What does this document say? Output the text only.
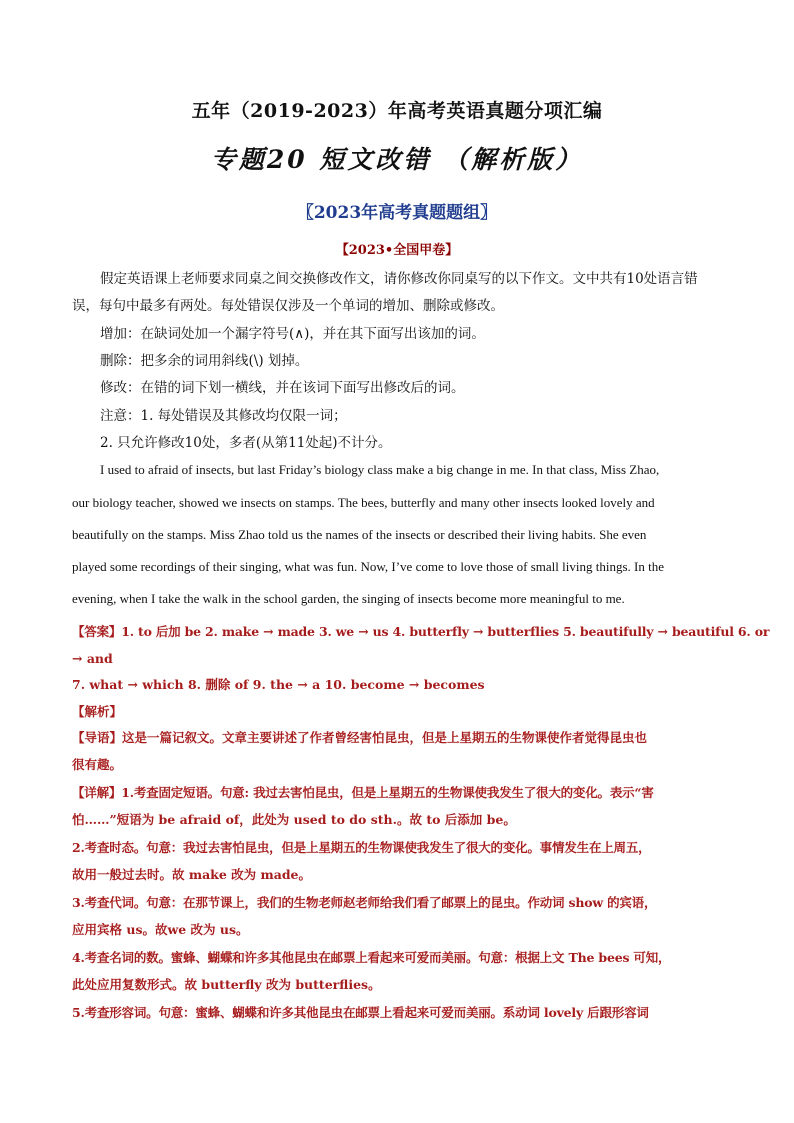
五年（2019-2023）年高考英语真题分项汇编
专题20 短文改错 （解析版）
〖2023年高考真题题组〗
【2023•全国甲卷】
假定英语课上老师要求同桌之间交换修改作文，请你修改你同桌写的以下作文。文中共有10处语言错
误，每句中最多有两处。每处错误仅涉及一个单词的增加、删除或修改。
增加：在缺词处加一个漏字符号(∧)，并在其下面写出该加的词。
删除：把多余的词用斜线(\) 划掉。
修改：在错的词下划一横线，并在该词下面写出修改后的词。
注意：1. 每处错误及其修改均仅限一词；
2. 只允许修改10处，多者(从第11处起)不计分。
I used to afraid of insects, but last Friday’s biology class make a big change in me. In that class, Miss Zhao,
our biology teacher, showed we insects on stamps. The bees, butterfly and many other insects looked lovely and
beautifully on the stamps. Miss Zhao told us the names of the insects or described their living habits. She even
played some recordings of their singing, what was fun. Now, I’ve come to love those of small living things. In the
evening, when I take the walk in the school garden, the singing of insects become more meaningful to me.
【答案】1. to 后加 be 2. make → made 3. we → us 4. butterfly → butterflies 5. beautifully → beautiful 6. or
→ and
7. what → which 8. 删除 of 9. the → a 10. become → becomes
【解析】
【导语】这是一篇记叙文。文章主要讲述了作者曾经害怕昆虫，但是上星期五的生物课使作者觉得昆虫也
很有趣。
【详解】1.考查固定短语。句意: 我过去害怕昆虫，但是上星期五的生物课使我发生了很大的变化。表示“害
怕……”短语为 be afraid of，此处为 used to do sth.。故 to 后添加 be。
2.考查时态。句意：我过去害怕昆虫，但是上星期五的生物课使我发生了很大的变化。事情发生在上周五，
故用一般过去时。故 make 改为 made。
3.考查代词。句意：在那节课上，我们的生物老师赵老师给我们看了邮票上的昆虫。作动词 show 的宾语，
应用宾格 us。故we 改为 us。
4.考查名词的数。蜜蜂、蝴蝶和许多其他昆虫在邮票上看起来可爱而美丽。句意：根据上文 The bees 可知，
此处应用复数形式。故 butterfly 改为 butterflies。
5.考查形容词。句意：蜜蜂、蝴蝶和许多其他昆虫在邮票上看起来可爱而美丽。系动词 lovely 后跟形容词
